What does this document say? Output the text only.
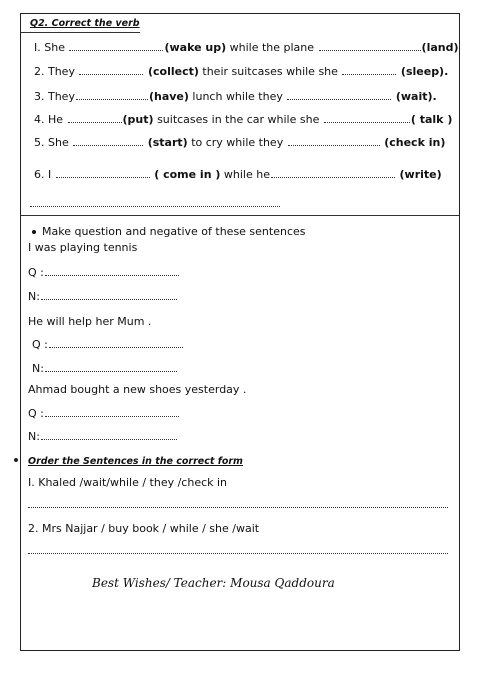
Q2. Correct the verb
I. She	(wake up) while the plane	(land)
2. They	(collect) their suitcases while she	(sleep).
3. They	(have) lunch while they	(wait).
4. He	(put) suitcases in the car while she	( talk )
5. She	(start) to cry while they	(check in)
6. I	( come in ) while he	(write)
Make question and negative of these sentences
I was playing tennis
Q :
N:
He will help her Mum .
Q :
N:
Ahmad bought a new shoes yesterday .
Q :
N:
Order the Sentences in the correct form
I. Khaled /wait/while / they /check in
2. Mrs Najjar / buy book / while / she /wait
Best Wishes/ Teacher: Mousa Qaddoura
